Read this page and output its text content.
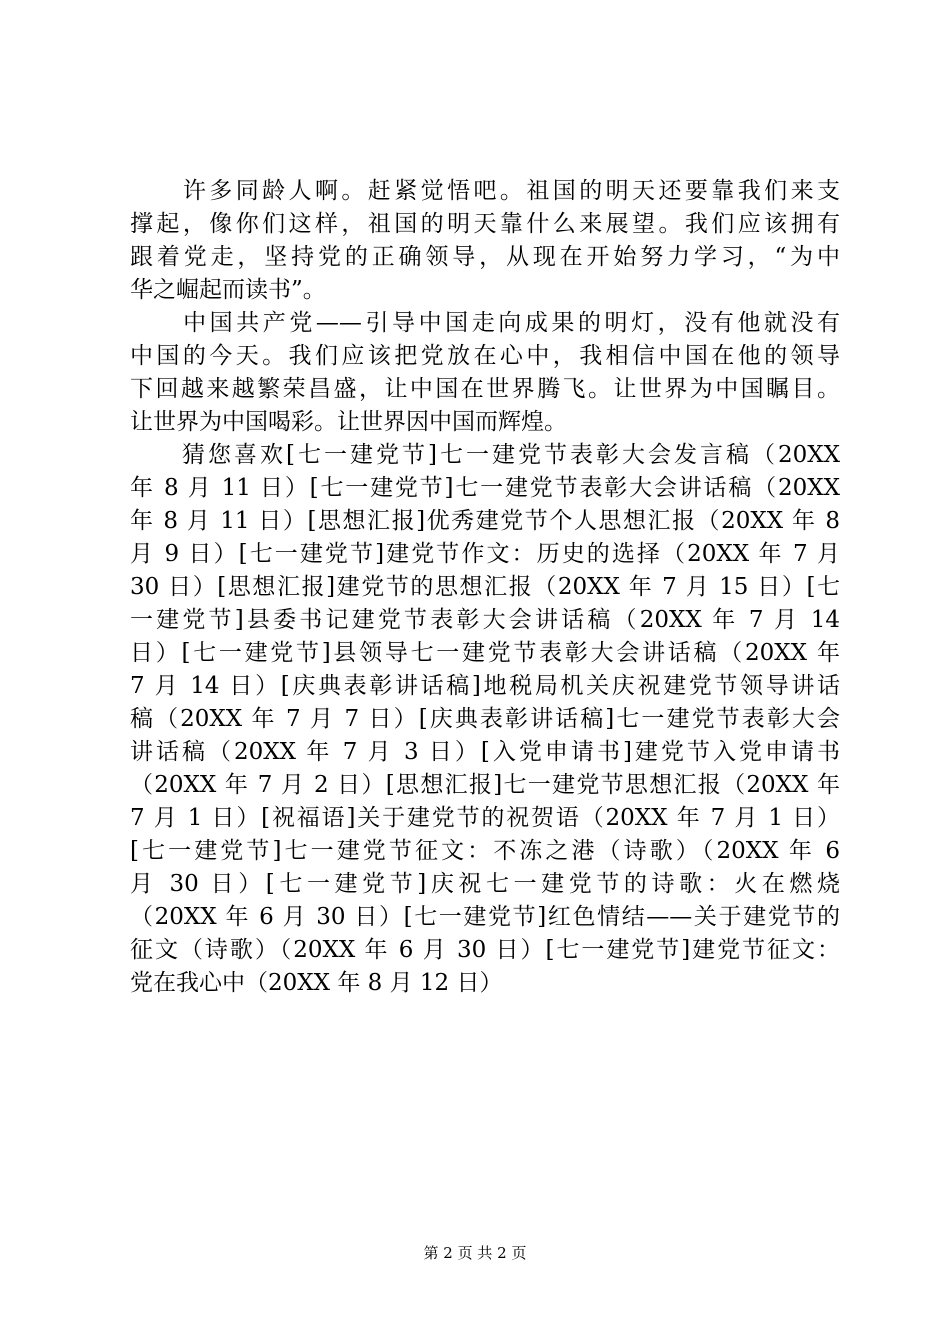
　　许多同龄人啊。赶紧觉悟吧。祖国的明天还要靠我们来支
撑起，像你们这样，祖国的明天靠什么来展望。我们应该拥有
跟着党走，坚持党的正确领导，从现在开始努力学习，“为中
华之崛起而读书”。
　　中国共产党——引导中国走向成果的明灯，没有他就没有
中国的今天。我们应该把党放在心中，我相信中国在他的领导
下回越来越繁荣昌盛，让中国在世界腾飞。让世界为中国瞩目。
让世界为中国喝彩。让世界因中国而辉煌。
　　猜您喜欢[七一建党节]七一建党节表彰大会发言稿（20XX
年 8 月 11 日）[七一建党节]七一建党节表彰大会讲话稿（20XX
年 8 月 11 日）[思想汇报]优秀建党节个人思想汇报（20XX 年 8
月 9 日）[七一建党节]建党节作文：历史的选择（20XX 年 7 月
30 日）[思想汇报]建党节的思想汇报（20XX 年 7 月 15 日）[七
一建党节]县委书记建党节表彰大会讲话稿（20XX 年 7 月 14
日）[七一建党节]县领导七一建党节表彰大会讲话稿（20XX 年
7 月 14 日）[庆典表彰讲话稿]地税局机关庆祝建党节领导讲话
稿（20XX 年 7 月 7 日）[庆典表彰讲话稿]七一建党节表彰大会
讲话稿（20XX 年 7 月 3 日）[入党申请书]建党节入党申请书
（20XX 年 7 月 2 日）[思想汇报]七一建党节思想汇报（20XX 年
7 月 1 日）[祝福语]关于建党节的祝贺语（20XX 年 7 月 1 日）
[七一建党节]七一建党节征文：不冻之港（诗歌）（20XX 年 6
月 30 日）[七一建党节]庆祝七一建党节的诗歌：火在燃烧
（20XX 年 6 月 30 日）[七一建党节]红色情结——关于建党节的
征文（诗歌）（20XX 年 6 月 30 日）[七一建党节]建党节征文：
党在我心中（20XX 年 8 月 12 日）
第 2 页 共 2 页
